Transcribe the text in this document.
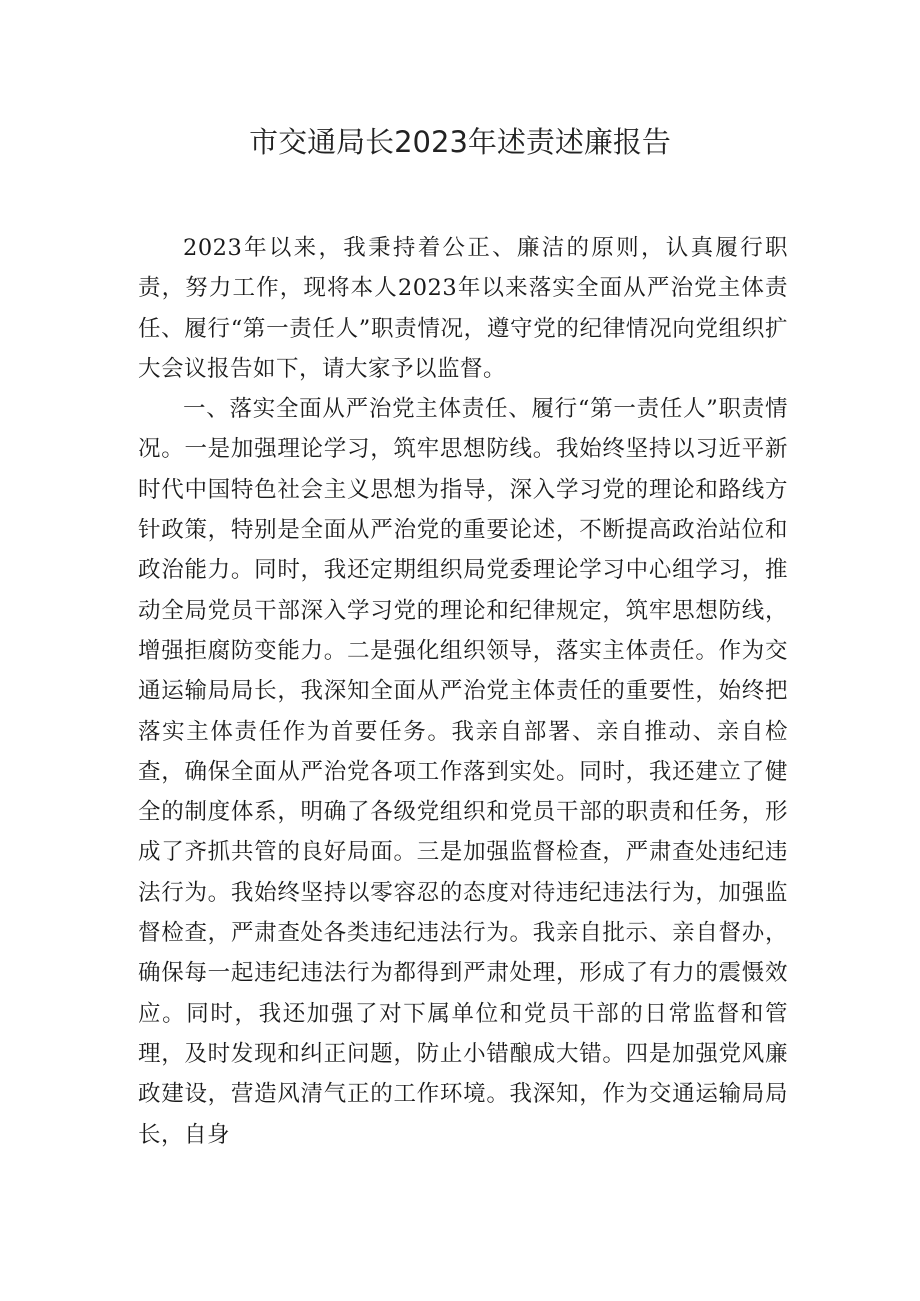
市交通局长2023年述责述廉报告

2023年以来，我秉持着公正、廉洁的原则，认真履行职责，努力工作，现将本人2023年以来落实全面从严治党主体责任、履行“第一责任人”职责情况，遵守党的纪律情况向党组织扩大会议报告如下，请大家予以监督。

一、落实全面从严治党主体责任、履行“第一责任人”职责情况。一是加强理论学习，筑牢思想防线。我始终坚持以习近平新时代中国特色社会主义思想为指导，深入学习党的理论和路线方针政策，特别是全面从严治党的重要论述，不断提高政治站位和政治能力。同时，我还定期组织局党委理论学习中心组学习，推动全局党员干部深入学习党的理论和纪律规定，筑牢思想防线，增强拒腐防变能力。二是强化组织领导，落实主体责任。作为交通运输局局长，我深知全面从严治党主体责任的重要性，始终把落实主体责任作为首要任务。我亲自部署、亲自推动、亲自检查，确保全面从严治党各项工作落到实处。同时，我还建立了健全的制度体系，明确了各级党组织和党员干部的职责和任务，形成了齐抓共管的良好局面。三是加强监督检查，严肃查处违纪违法行为。我始终坚持以零容忍的态度对待违纪违法行为，加强监督检查，严肃查处各类违纪违法行为。我亲自批示、亲自督办，确保每一起违纪违法行为都得到严肃处理，形成了有力的震慑效应。同时，我还加强了对下属单位和党员干部的日常监督和管理，及时发现和纠正问题，防止小错酿成大错。四是加强党风廉政建设，营造风清气正的工作环境。我深知，作为交通运输局局长，自身
